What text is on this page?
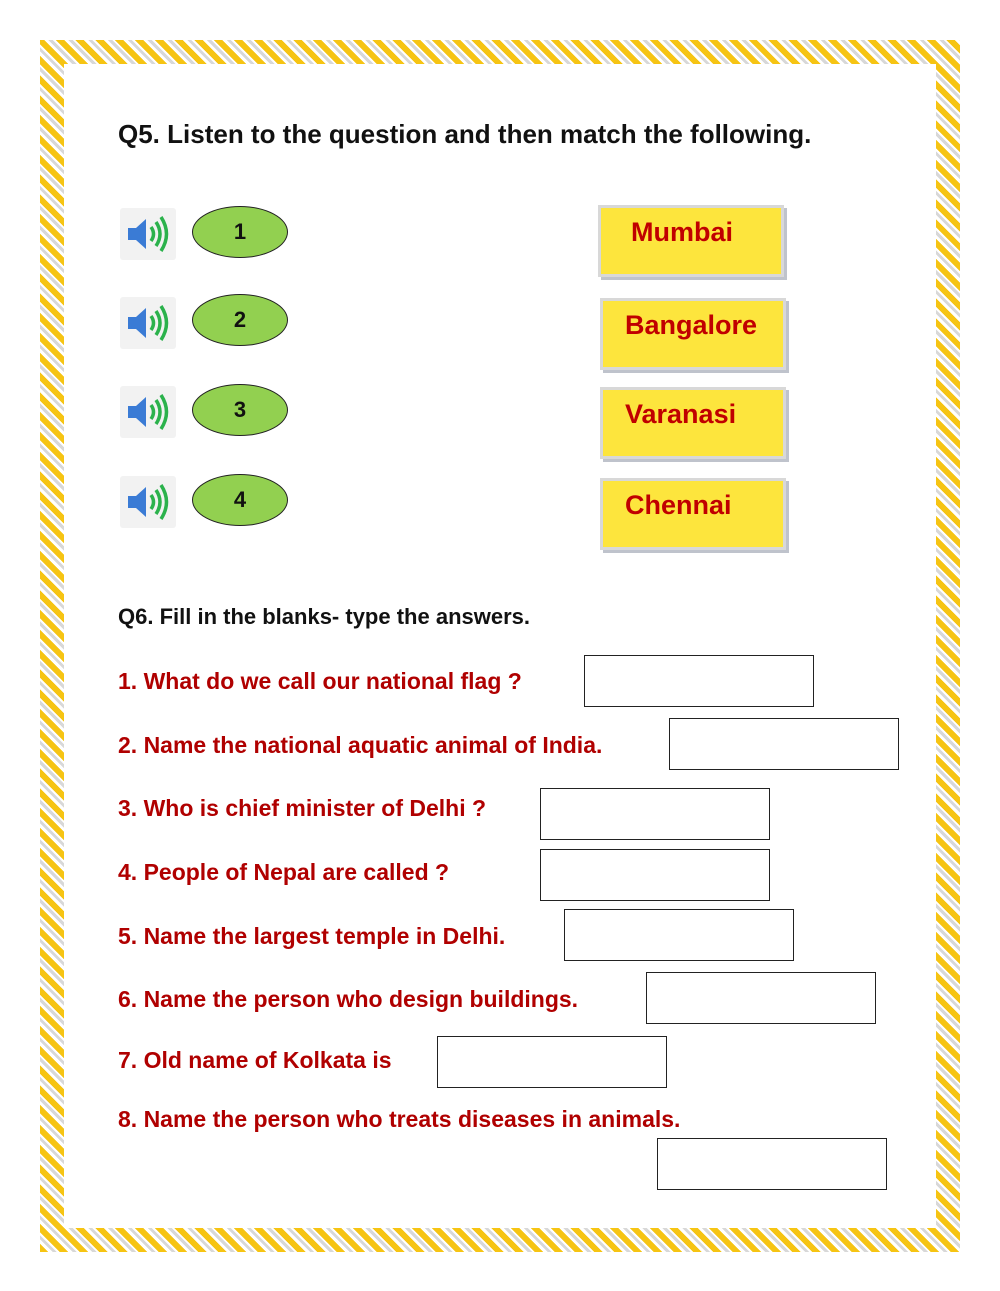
Q5. Listen to the question and then match the following.
1
2
3
4
Mumbai
Bangalore
Varanasi
Chennai
Q6. Fill in the blanks- type the answers.
1. What do we call our national flag ?
2. Name the national aquatic animal of India.
3. Who is chief minister of Delhi ?
4. People of Nepal are called ?
5. Name the largest temple in Delhi.
6. Name the person who design buildings.
7. Old name of Kolkata is
8. Name the person who treats diseases in animals.
